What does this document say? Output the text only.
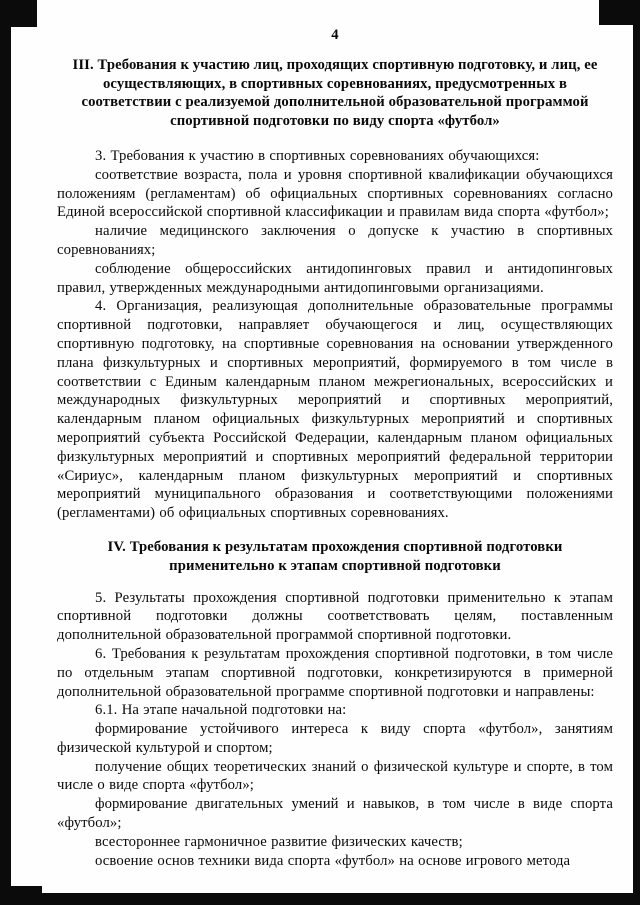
4
III. Требования к участию лиц, проходящих спортивную подготовку, и лиц, ее осуществляющих, в спортивных соревнованиях, предусмотренных в соответствии с реализуемой дополнительной образовательной программой спортивной подготовки по виду спорта «футбол»

3. Требования к участию в спортивных соревнованиях обучающихся:

соответствие возраста, пола и уровня спортивной квалификации обучающихся положениям (регламентам) об официальных спортивных соревнованиях согласно Единой всероссийской спортивной классификации и правилам вида спорта «футбол»;

наличие медицинского заключения о допуске к участию в спортивных соревнованиях;

соблюдение общероссийских антидопинговых правил и антидопинговых правил, утвержденных международными антидопинговыми организациями.

4. Организация, реализующая дополнительные образовательные программы спортивной подготовки, направляет обучающегося и лиц, осуществляющих спортивную подготовку, на спортивные соревнования на основании утвержденного плана физкультурных и спортивных мероприятий, формируемого в том числе в соответствии с Единым календарным планом межрегиональных, всероссийских и международных физкультурных мероприятий и спортивных мероприятий, календарным планом официальных физкультурных мероприятий и спортивных мероприятий субъекта Российской Федерации, календарным планом официальных физкультурных мероприятий и спортивных мероприятий федеральной территории «Сириус», календарным планом физкультурных мероприятий и спортивных мероприятий муниципального образования и соответствующими положениями (регламентами) об официальных спортивных соревнованиях.

IV. Требования к результатам прохождения спортивной подготовки применительно к этапам спортивной подготовки

5. Результаты прохождения спортивной подготовки применительно к этапам спортивной подготовки должны соответствовать целям, поставленным дополнительной образовательной программой спортивной подготовки.

6. Требования к результатам прохождения спортивной подготовки, в том числе по отдельным этапам спортивной подготовки, конкретизируются в примерной дополнительной образовательной программе спортивной подготовки и направлены:

6.1. На этапе начальной подготовки на:

формирование устойчивого интереса к виду спорта «футбол», занятиям физической культурой и спортом;

получение общих теоретических знаний о физической культуре и спорте, в том числе о виде спорта «футбол»;

формирование двигательных умений и навыков, в том числе в виде спорта «футбол»;

всестороннее гармоничное развитие физических качеств;

освоение основ техники вида спорта «футбол» на основе игрового метода
